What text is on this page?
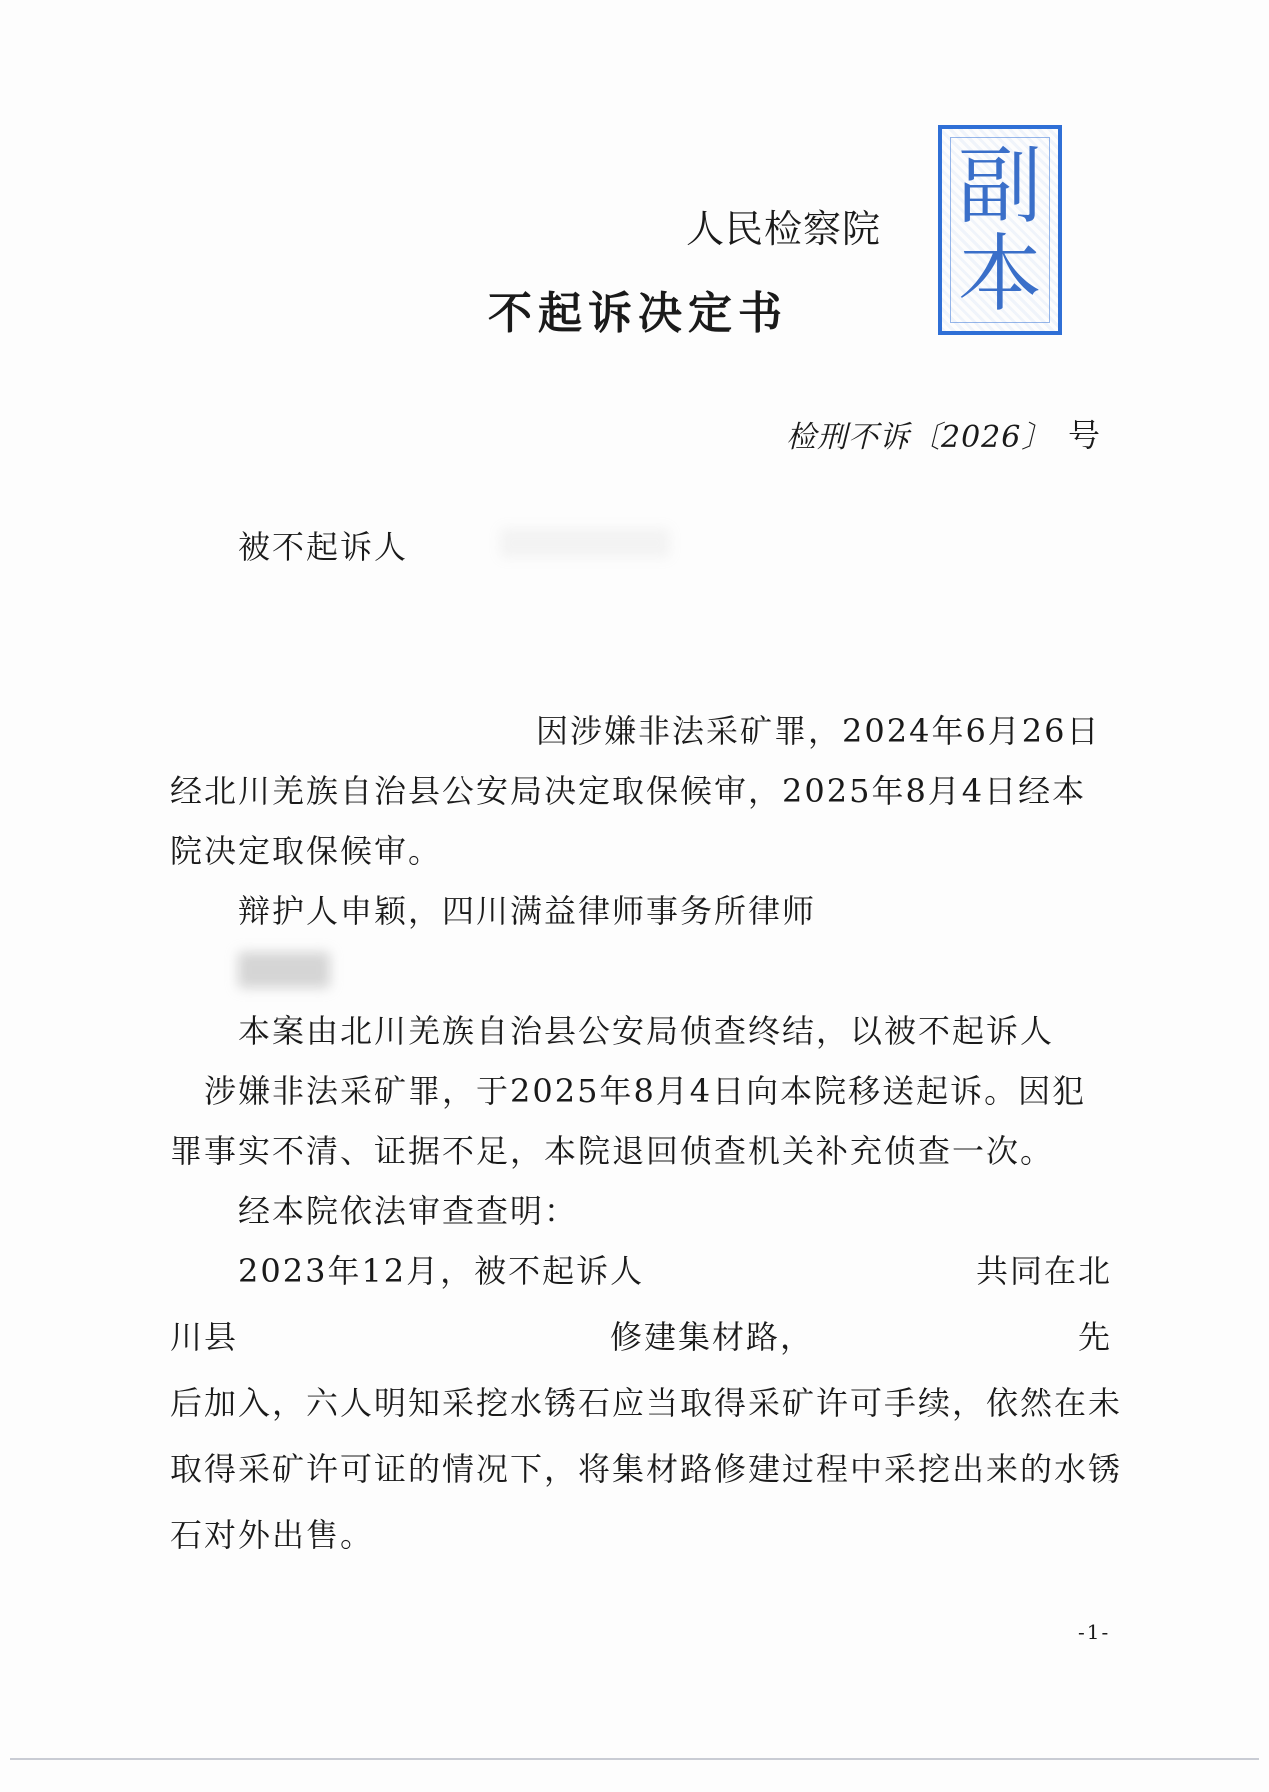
人民检察院
不起诉决定书
副
本
检刑不诉〔2026〕 号
被不起诉人
因涉嫌非法采矿罪，2024年6月26日
经北川羌族自治县公安局决定取保候审，2025年8月4日经本
院决定取保候审。
辩护人申颖，四川满益律师事务所律师
本案由北川羌族自治县公安局侦查终结，以被不起诉人
涉嫌非法采矿罪，于2025年8月4日向本院移送起诉。因犯
罪事实不清、证据不足，本院退回侦查机关补充侦查一次。
经本院依法审查查明：
2023年12月，被不起诉人	共同在北
川县	修建集材路，	先
后加入，六人明知采挖水锈石应当取得采矿许可手续，依然在未
取得采矿许可证的情况下，将集材路修建过程中采挖出来的水锈
石对外出售。
-1-
